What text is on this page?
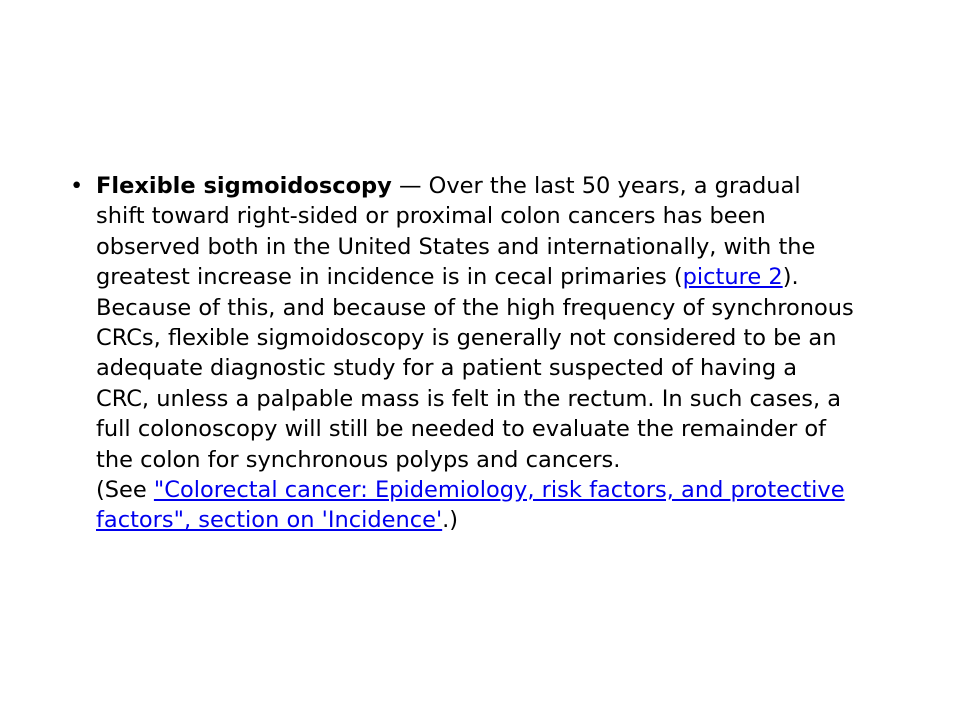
• Flexible sigmoidoscopy — Over the last 50 years, a gradual shift toward right-sided or proximal colon cancers has been observed both in the United States and internationally, with the greatest increase in incidence is in cecal primaries (picture 2). Because of this, and because of the high frequency of synchronous CRCs, flexible sigmoidoscopy is generally not considered to be an adequate diagnostic study for a patient suspected of having a CRC, unless a palpable mass is felt in the rectum. In such cases, a full colonoscopy will still be needed to evaluate the remainder of the colon for synchronous polyps and cancers.
(See "Colorectal cancer: Epidemiology, risk factors, and protective factors", section on 'Incidence'.)
